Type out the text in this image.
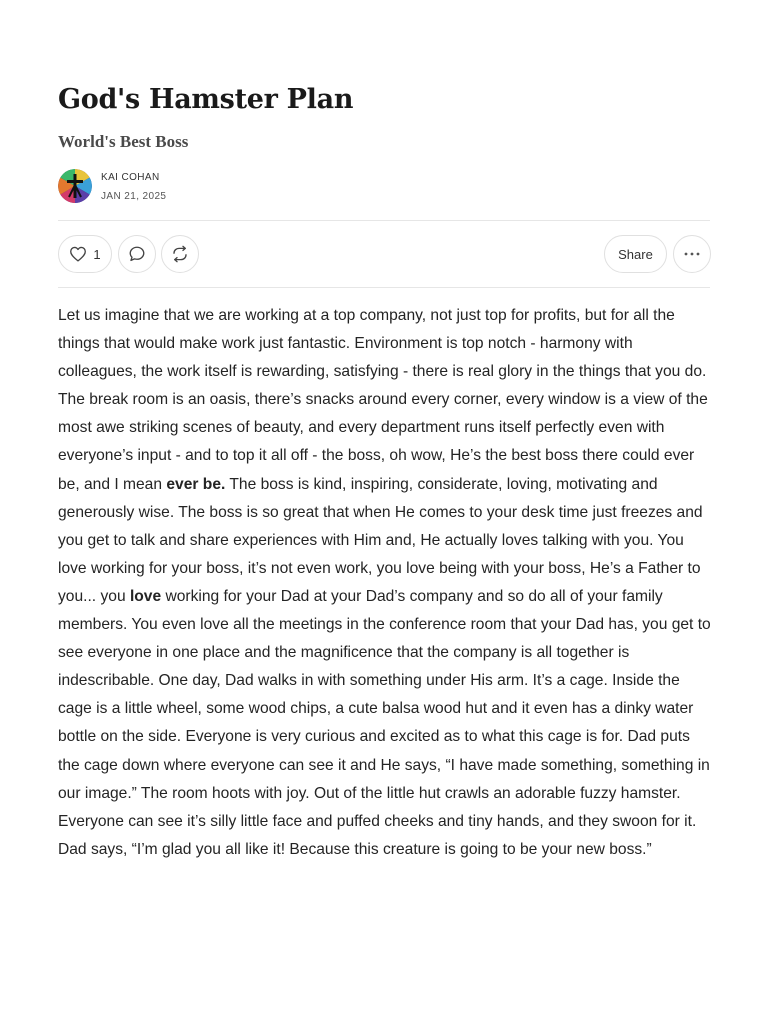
God's Hamster Plan
World's Best Boss
KAI COHAN
JAN 21, 2025
1	Share

Let us imagine that we are working at a top company, not just top for profits, but for all the things that would make work just fantastic. Environment is top notch - harmony with colleagues, the work itself is rewarding, satisfying - there is real glory in the things that you do. The break room is an oasis, there’s snacks around every corner, every window is a view of the most awe striking scenes of beauty, and every department runs itself perfectly even with everyone’s input - and to top it all off - the boss, oh wow, He’s the best boss there could ever be, and I mean ever be. The boss is kind, inspiring, considerate, loving, motivating and generously wise. The boss is so great that when He comes to your desk time just freezes and you get to talk and share experiences with Him and, He actually loves talking with you. You love working for your boss, it’s not even work, you love being with your boss, He’s a Father to you... you love working for your Dad at your Dad’s company and so do all of your family members. You even love all the meetings in the conference room that your Dad has, you get to see everyone in one place and the magnificence that the company is all together is indescribable. One day, Dad walks in with something under His arm. It’s a cage. Inside the cage is a little wheel, some wood chips, a cute balsa wood hut and it even has a dinky water bottle on the side. Everyone is very curious and excited as to what this cage is for. Dad puts the cage down where everyone can see it and He says, “I have made something, something in our image.” The room hoots with joy. Out of the little hut crawls an adorable fuzzy hamster. Everyone can see it’s silly little face and puffed cheeks and tiny hands, and they swoon for it. Dad says, “I’m glad you all like it! Because this creature is going to be your new boss.”
